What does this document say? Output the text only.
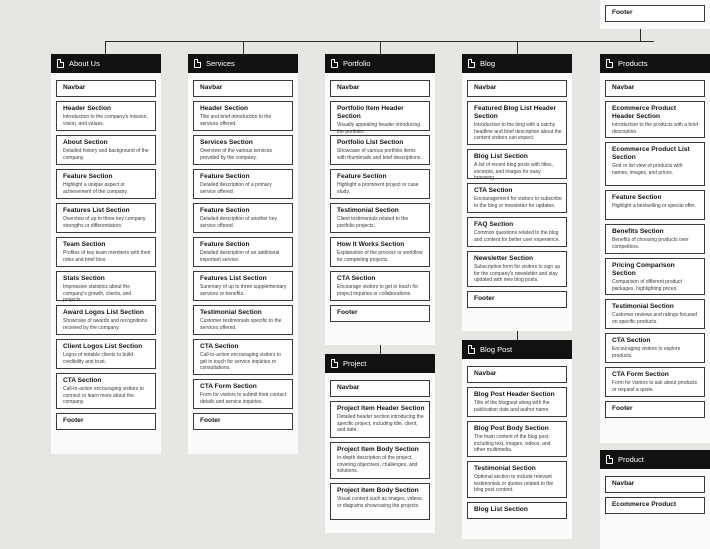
About Us
Navbar
Header Section
Introduction to the company's mission, vision, and values.
About Section
Detailed history and background of the company.
Feature Section
Highlight a unique aspect or achievement of the company.
Features List Section
Overview of up to three key company strengths or differentiators.
Team Section
Profiles of key team members with their roles and brief bios.
Stats Section
Impressive statistics about the company's growth, clients, and projects.
Award Logos List Section
Showcase of awards and recognitions received by the company.
Client Logos List Section
Logos of notable clients to build credibility and trust.
CTA Section
Call-to-action encouraging visitors to connect or learn more about the company.
Footer
Services
Navbar
Header Section
Title and brief introduction to the services offered.
Services Section
Overview of the various services provided by the company.
Feature Section
Detailed description of a primary service offered.
Feature Section
Detailed description of another key service offered.
Feature Section
Detailed description of an additional important service.
Features List Section
Summary of up to three supplementary services or benefits.
Testimonial Section
Customer testimonials specific to the services offered.
CTA Section
Call-to-action encouraging visitors to get in touch for service inquiries or consultations.
CTA Form Section
Form for visitors to submit their contact details and service inquiries.
Footer
Portfolio
Navbar
Portfolio Item Header Section
Visually appealing header introducing the portfolio.
Portfolio List Section
Showcase of various portfolio items with thumbnails and brief descriptions.
Feature Section
Highlight a prominent project or case study.
Testimonial Section
Client testimonials related to the portfolio projects.
How It Works Section
Explanation of the process or workflow for completing projects.
CTA Section
Encourage visitors to get in touch for project inquiries or collaborations.
Footer
Blog
Navbar
Featured Blog List Header Section
Introduction to the blog with a catchy headline and brief description about the content visitors can expect.
Blog List Section
A list of recent blog posts with titles, excerpts, and images for easy browsing.
CTA Section
Encouragement for visitors to subscribe to the blog or newsletter for updates.
FAQ Section
Common questions related to the blog and content for better user experience.
Newsletter Section
Subscription form for visitors to sign up for the company's newsletter and stay updated with new blog posts.
Footer
Products
Navbar
Ecommerce Product Header Section
Introduction to the products with a brief description.
Ecommerce Product List Section
Grid or list view of products with names, images, and prices.
Feature Section
Highlight a bestselling or special offer.
Benefits Section
Benefits of choosing products over competitors.
Pricing Comparison Section
Comparison of different product packages, highlighting prices.
Testimonial Section
Customer reviews and ratings focused on specific products.
CTA Section
Encouraging visitors to explore products.
CTA Form Section
Form for visitors to ask about products or request a quote.
Footer
Project
Navbar
Project Item Header Section
Detailed header section introducing the specific project, including title, client, and date.
Project Item Body Section
In-depth description of the project, covering objectives, challenges, and solutions.
Project Item Body Section
Visual content such as images, videos, or diagrams showcasing the projects.
Blog Post
Navbar
Blog Post Header Section
Title of the blogpost along with the publication date and author name.
Blog Post Body Section
The main content of the blog post, including text, images, videos, and other multimedia.
Testimonial Section
Optional section to include relevant testimonials or quotes related to the blog post content.
Blog List Section
Product
Navbar
Ecommerce Product
Footer
